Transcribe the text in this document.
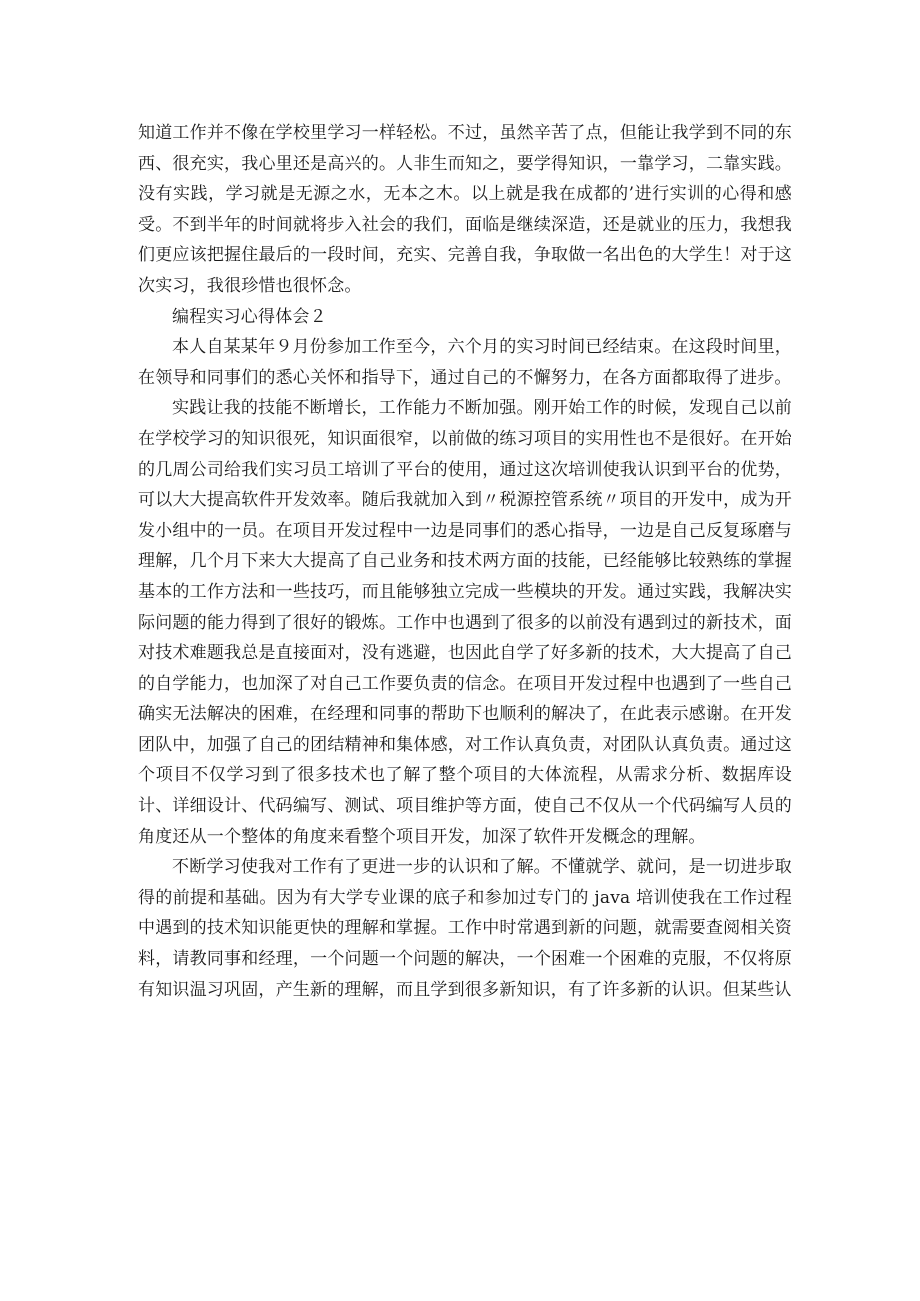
知道工作并不像在学校里学习一样轻松。不过，虽然辛苦了点，但能让我学到不同的东西、很充实，我心里还是高兴的。人非生而知之，要学得知识，一靠学习，二靠实践。没有实践，学习就是无源之水，无本之木。以上就是我在成都的’进行实训的心得和感受。不到半年的时间就将步入社会的我们，面临是继续深造，还是就业的压力，我想我们更应该把握住最后的一段时间，充实、完善自我，争取做一名出色的大学生！对于这次实习，我很珍惜也很怀念。

编程实习心得体会２

本人自某某年９月份参加工作至今，六个月的实习时间已经结束。在这段时间里，在领导和同事们的悉心关怀和指导下，通过自己的不懈努力，在各方面都取得了进步。

实践让我的技能不断增长，工作能力不断加强。刚开始工作的时候，发现自己以前在学校学习的知识很死，知识面很窄，以前做的练习项目的实用性也不是很好。在开始的几周公司给我们实习员工培训了平台的使用，通过这次培训使我认识到平台的优势，可以大大提高软件开发效率。随后我就加入到〃税源控管系统〃项目的开发中，成为开发小组中的一员。在项目开发过程中一边是同事们的悉心指导，一边是自己反复琢磨与理解，几个月下来大大提高了自己业务和技术两方面的技能，已经能够比较熟练的掌握基本的工作方法和一些技巧，而且能够独立完成一些模块的开发。通过实践，我解决实际问题的能力得到了很好的锻炼。工作中也遇到了很多的以前没有遇到过的新技术，面对技术难题我总是直接面对，没有逃避，也因此自学了好多新的技术，大大提高了自己的自学能力，也加深了对自己工作要负责的信念。在项目开发过程中也遇到了一些自己确实无法解决的困难，在经理和同事的帮助下也顺利的解决了，在此表示感谢。在开发团队中，加强了自己的团结精神和集体感，对工作认真负责，对团队认真负责。通过这个项目不仅学习到了很多技术也了解了整个项目的大体流程，从需求分析、数据库设计、详细设计、代码编写、测试、项目维护等方面，使自己不仅从一个代码编写人员的角度还从一个整体的角度来看整个项目开发，加深了软件开发概念的理解。

不断学习使我对工作有了更进一步的认识和了解。不懂就学、就问，是一切进步取得的前提和基础。因为有大学专业课的底子和参加过专门的 java 培训使我在工作过程中遇到的技术知识能更快的理解和掌握。工作中时常遇到新的问题，就需要查阅相关资料，请教同事和经理，一个问题一个问题的解决，一个困难一个困难的克服，不仅将原有知识温习巩固，产生新的理解，而且学到很多新知识，有了许多新的认识。但某些认
